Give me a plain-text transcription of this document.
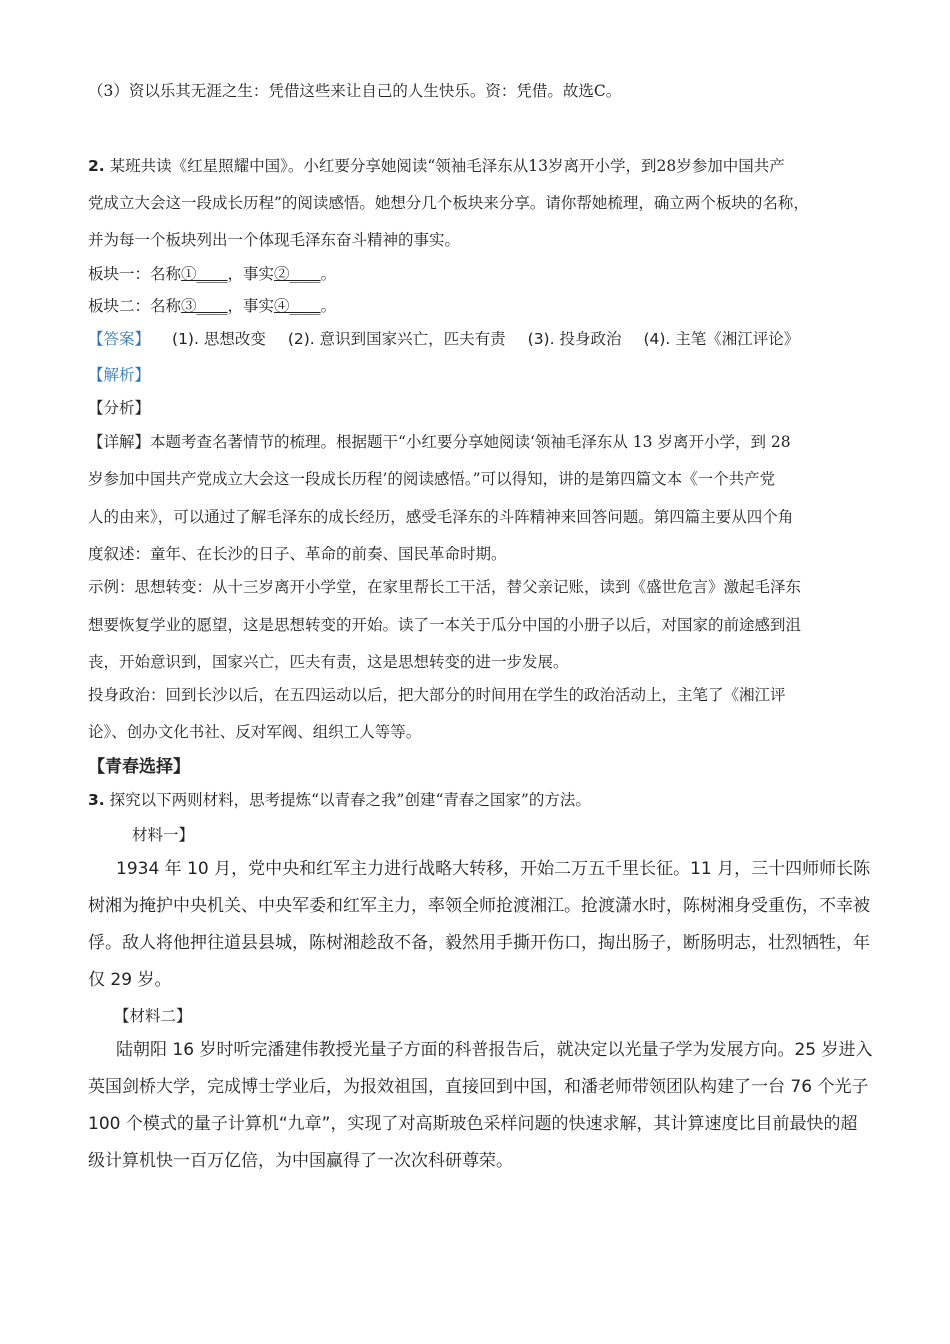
（3）资以乐其无涯之生：凭借这些来让自己的人生快乐。资：凭借。故选C。
2. 某班共读《红星照耀中国》。小红要分享她阅读“领袖毛泽东从13岁离开小学，到28岁参加中国共产
党成立大会这一段成长历程”的阅读感悟。她想分几个板块来分享。请你帮她梳理，确立两个板块的名称，
并为每一个板块列出一个体现毛泽东奋斗精神的事实。
板块一：名称①____，事实②____。
板块二：名称③____，事实④____。
【答案】 (1). 思想改变 (2). 意识到国家兴亡，匹夫有责 (3). 投身政治 (4). 主笔《湘江评论》
【解析】
【分析】
【详解】本题考查名著情节的梳理。根据题干“小红要分享她阅读‘领袖毛泽东从 13 岁离开小学，到 28
岁参加中国共产党成立大会这一段成长历程’的阅读感悟。”可以得知，讲的是第四篇文本《一个共产党
人的由来》，可以通过了解毛泽东的成长经历，感受毛泽东的斗阵精神来回答问题。第四篇主要从四个角
度叙述：童年、在长沙的日子、革命的前奏、国民革命时期。
示例：思想转变：从十三岁离开小学堂，在家里帮长工干活，替父亲记账，读到《盛世危言》激起毛泽东
想要恢复学业的愿望，这是思想转变的开始。读了一本关于瓜分中国的小册子以后，对国家的前途感到沮
丧，开始意识到，国家兴亡，匹夫有责，这是思想转变的进一步发展。
投身政治：回到长沙以后，在五四运动以后，把大部分的时间用在学生的政治活动上，主笔了《湘江评
论》、创办文化书社、反对军阀、组织工人等等。
【青春选择】
3. 探究以下两则材料，思考提炼“以青春之我”创建“青春之国家”的方法。
材料一】
1934 年 10 月，党中央和红军主力进行战略大转移，开始二万五千里长征。11 月，三十四师师长陈
树湘为掩护中央机关、中央军委和红军主力，率领全师抢渡湘江。抢渡潇水时，陈树湘身受重伤，不幸被
俘。敌人将他押往道县县城，陈树湘趁敌不备，毅然用手撕开伤口，掏出肠子，断肠明志，壮烈牺牲，年
仅 29 岁。
【材料二】
陆朝阳 16 岁时听完潘建伟教授光量子方面的科普报告后，就决定以光量子学为发展方向。25 岁进入
英国剑桥大学，完成博士学业后，为报效祖国，直接回到中国，和潘老师带领团队构建了一台 76 个光子
100 个模式的量子计算机“九章”，实现了对高斯玻色采样问题的快速求解，其计算速度比目前最快的超
级计算机快一百万亿倍，为中国赢得了一次次科研尊荣。
